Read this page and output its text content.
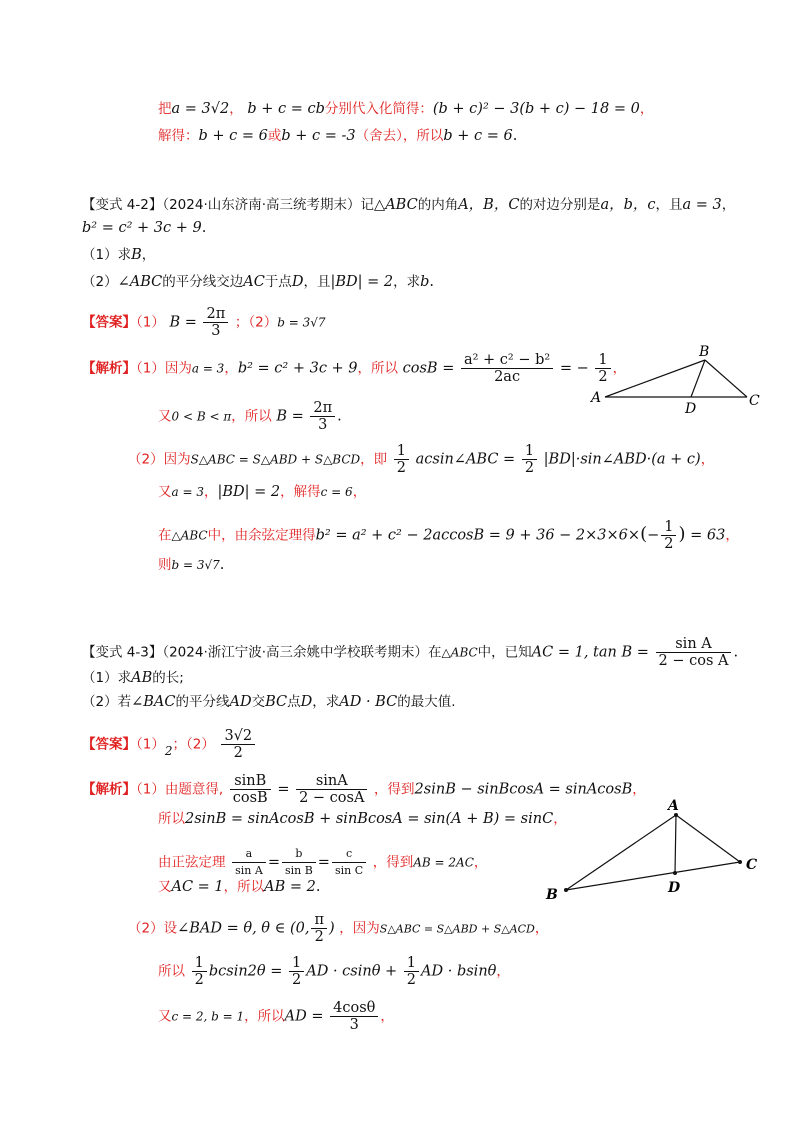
把a = 3√2， b + c = cb分别代入化简得：(b + c)² − 3(b + c) − 18 = 0，
解得：b + c = 6或b + c = -3（舍去），所以b + c = 6.
【变式 4-2】（2024·山东济南·高三统考期末）记△ABC的内角A，B，C的对边分别是a，b，c，且a = 3，
b² = c² + 3c + 9.
（1）求B，
（2）∠ABC的平分线交边AC于点D，且|BD| = 2，求b.
【答案】（1） $B = \frac{2\pi}{3}$ ；（2）b = 3√7
【解析】（1）因为a = 3，b² = c² + 3c + 9，所以 $\cos B = \frac{\text{a² + c² − b²}}{2ac}$ = − $\frac{1}{2}$ ，
又0 < B < π，所以 $B = \frac{2\pi}{3}$ .
（2）因为S△ABC = S△ABD + S△BCD，即 $\frac{1}{2}$ acsin∠ABC = $\frac{1}{2}$ |BD|·sin∠ABD·(a + c)，
又a = 3，|BD| = 2，解得c = 6，
在△ABC中，由余弦定理得$b^2 = a^2 + c^2 - 2accosB = 9 + 36 - 2\times 3\times 6\times(- \frac{1}{2}$ ) = 63，
则b = 3√7.
A
B
C
D
【变式 4-3】（2024·浙江宁波·高三余姚中学校联考期末）在△ABC中，已知AC = 1, $\tan B = \frac{\text{sin A}}{\text{2 − cos A}}$ .
（1）求AB的长;
（2）若∠BAC的平分线AD交BC点D，求AD · BC的最大值.
【答案】$(1)_2$；$(2) \frac{3√2}{2}$
【解析】（1）由题意得, $\frac{\sin B}{\cos B} = \frac{\sin A}{2 - \cos A}$ ，得到2sinB − sinBcosA = sinAcosB，
所以2sinB = sinAcosB + sinBcosA = sin(A + B) = sinC，
由正弦定理 $\frac{a}{\text{sin A}} = \frac{b}{\text{sin B}} = \frac{c}{\text{sin C}}$ ，得到AB = 2AC，
又AC = 1，所以AB = 2.
（2）设∠BAD = θ, θ ∈ (0, $\frac{\pi}{2}$ ) ，因为S△ABC = S△ABD + S△ACD，
所以 $\frac{1}{2} bcsin2\theta = \frac{1}{2}$ AD · $csin\theta + \frac{1}{2}$ AD · bsinθ，
又c = 2, b = 1，所以AD = $\frac{4\cos\theta}{3}$ ，
A
B
C
D
